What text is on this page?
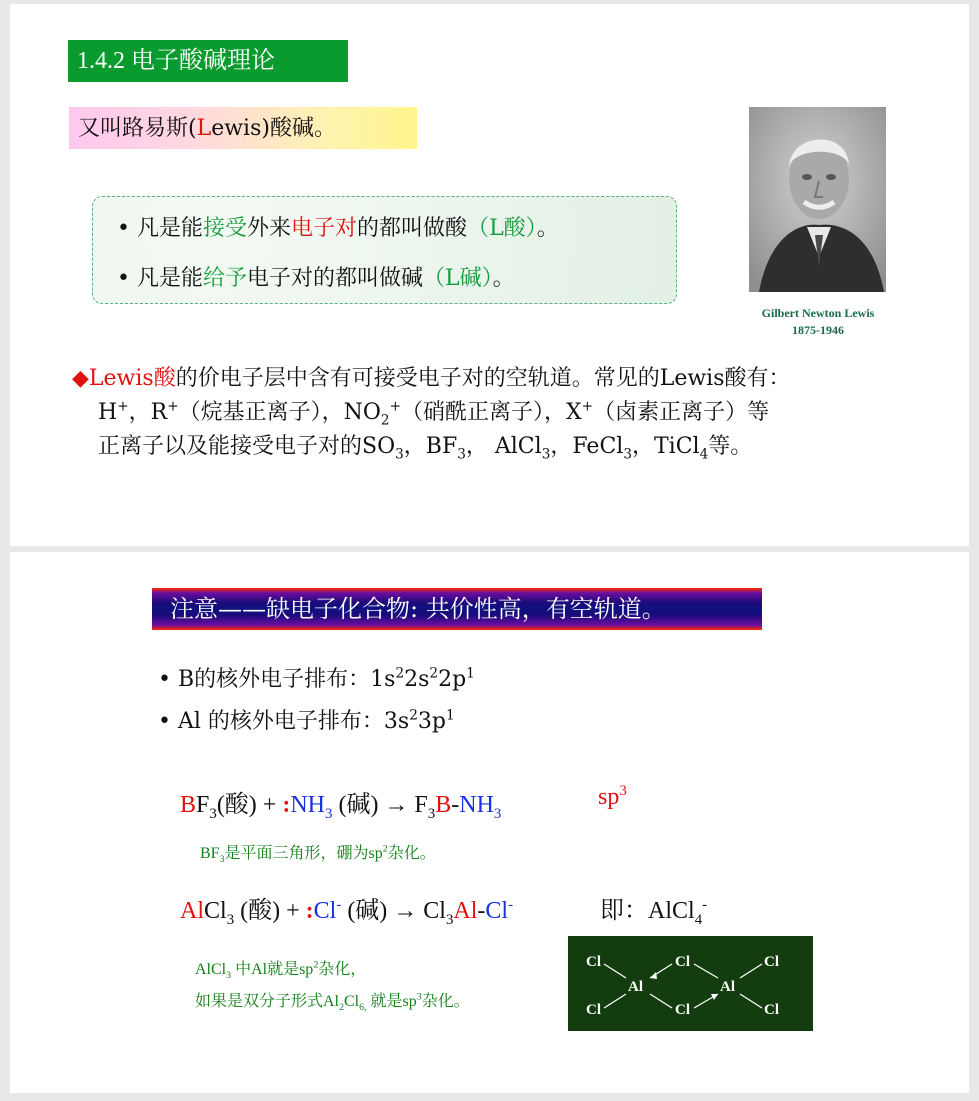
1.4.2 电子酸碱理论
又叫路易斯(Lewis)酸碱。
• 凡是能接受外来电子对的都叫做酸（L酸）。
• 凡是能给予电子对的都叫做碱（L碱）。
Gilbert Newton Lewis
1875-1946
◆Lewis酸的价电子层中含有可接受电子对的空轨道。常见的Lewis酸有：
H+，R+（烷基正离子），$NO_2^+$（硝酰正离子），X+（卤素正离子）等
正离子以及能接受电子对的$SO_3$，$BF_3$， AlCl$_3$，FeCl$_3$，TiCl$_4$等。
注意——缺电子化合物: 共价性高，有空轨道。
• B的核外电子排布：$1s^22s^22p^1$
• Al 的核外电子排布：$3s^23p^1$
$BF_3$(酸) + $:NH_3$ (碱) → $F_3B-NH_3$
$sp^3$
$BF_3$是平面三角形，硼为$sp^2$杂化。
AlCl$_3$ (酸) + :Cl- (碱) → $Cl_3Al-Cl^-$	即：AlCl$_4$-
AlCl$_3$ 中Al就是$sp^2$杂化，
如果是双分子形式$Al_2Cl_{6,}$ 就是$sp^3$杂化。
Cl
Cl
Cl
Cl
Cl
Cl
Al	Al
